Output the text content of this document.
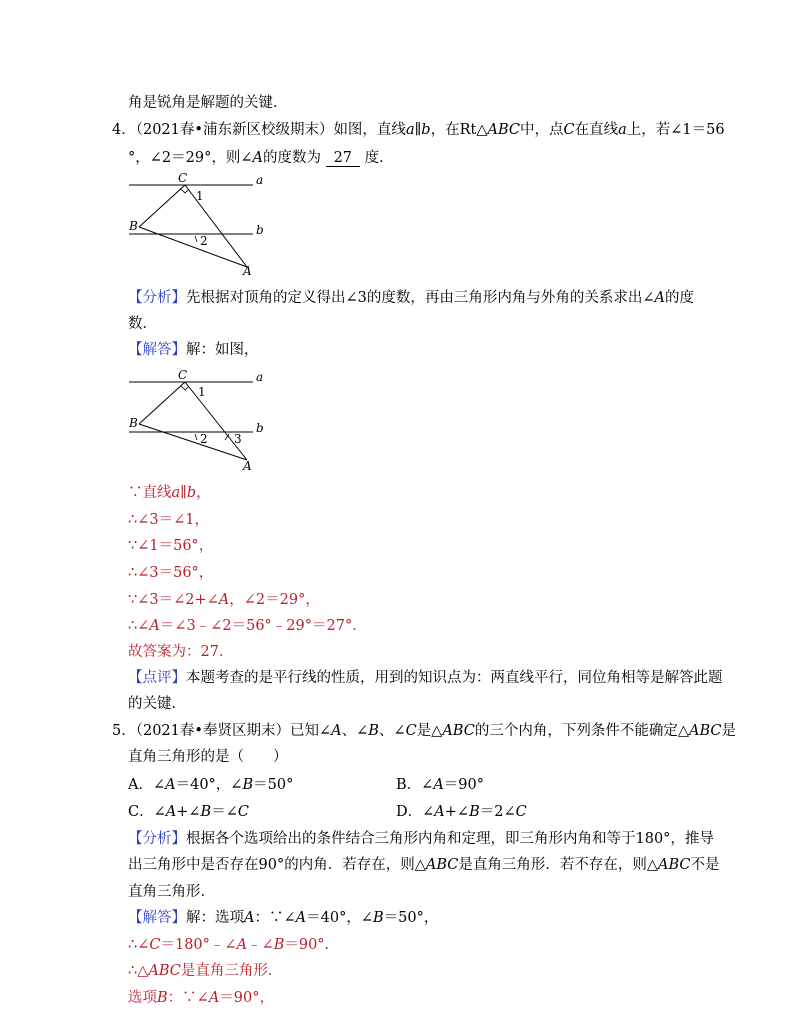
角是锐角是解题的关键．
4．（2021春•浦东新区校级期末）如图，直线a∥b，在Rt△ABC中，点C在直线a上，若∠1＝56
°，∠2＝29°，则∠A的度数为 27 度．
C	a
1
B	b
2
A
【分析】先根据对顶角的定义得出∠3的度数，再由三角形内角与外角的关系求出∠A的度
数．
【解答】解：如图，
C	a
1
B	b
2 3
A
∵直线a∥b，
∴∠3＝∠1，
∵∠1＝56°，
∴∠3＝56°，
∵∠3＝∠2+∠A，∠2＝29°，
∴∠A＝∠3﹣∠2＝56°﹣29°＝27°．
故答案为：27．
【点评】本题考查的是平行线的性质，用到的知识点为：两直线平行，同位角相等是解答此题
的关键．
5．（2021春•奉贤区期末）已知∠A、∠B、∠C是△ABC的三个内角，下列条件不能确定△ABC是
直角三角形的是（　　）
A．∠A＝40°，∠B＝50°	B．∠A＝90°
C．∠A+∠B＝∠C	D．∠A+∠B＝2∠C
【分析】根据各个选项给出的条件结合三角形内角和定理，即三角形内角和等于180°，推导
出三角形中是否存在90°的内角．若存在，则△ABC是直角三角形．若不存在，则△ABC不是
直角三角形．
【解答】解：选项A：∵∠A＝40°，∠B＝50°，
∴∠C＝180°﹣∠A﹣∠B＝90°．
∴△ABC是直角三角形．
选项B：∵∠A＝90°，
